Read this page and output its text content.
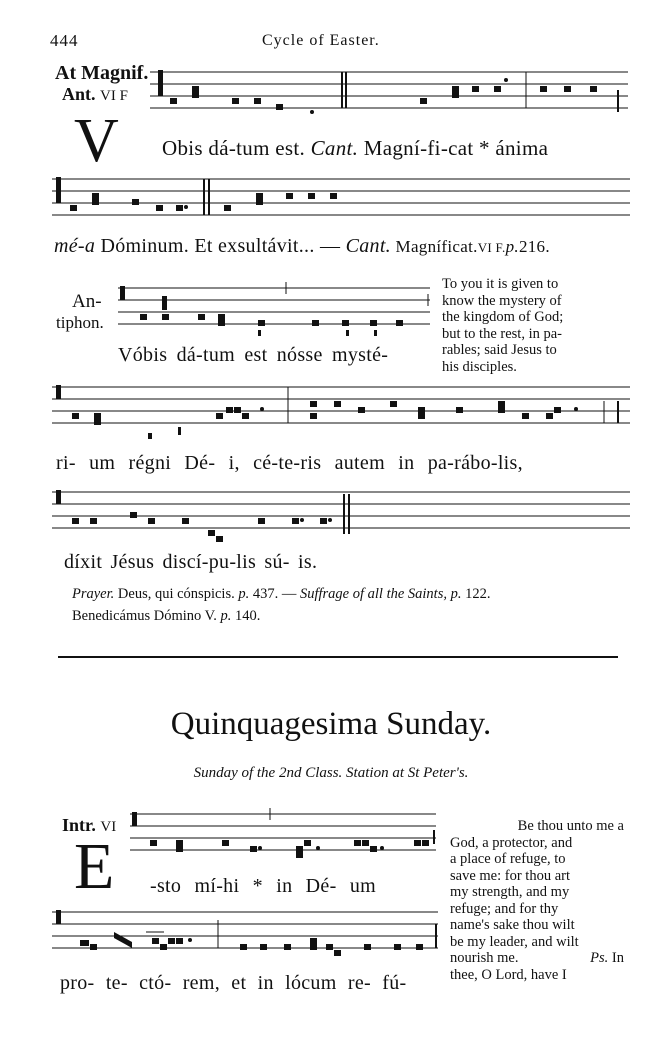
444	Cycle of Easter.
At Magnif.
Ant. VI F
V Obis dá-tum est. Cant. Magní-fi-cat * ánima
mé-a Dóminum. Et exsultávit... — Cant. Magníficat.VI F.p.216.
An-
tiphon.
To you it is given to
know the mystery of
the kingdom of God;
but to the rest, in pa-
rables; said Jesus to
his disciples.
Vóbis dá-tum est nósse mysté-
ri- um régni Dé- i, cé-te-ris autem in pa-rábo-lis,
díxit Jésus discí-pu-lis sú- is.
Prayer. Deus, qui cónspicis. p. 437. — Suffrage of all the Saints, p. 122.
Benedicámus Dómino V. p. 140.
Quinquagesima Sunday.
Sunday of the 2nd Class. Station at St Peter's.
Intr. VI
E -sto mí-hi * in Dé- um
pro- te- ctó- rem, et in lócum re- fú-
Be thou unto me a
God, a protector, and
a place of refuge, to
save me: for thou art
my strength, and my
refuge; and for thy
name's sake thou wilt
be my leader, and wilt
nourish me.	Ps. In
thee, O Lord, have I
